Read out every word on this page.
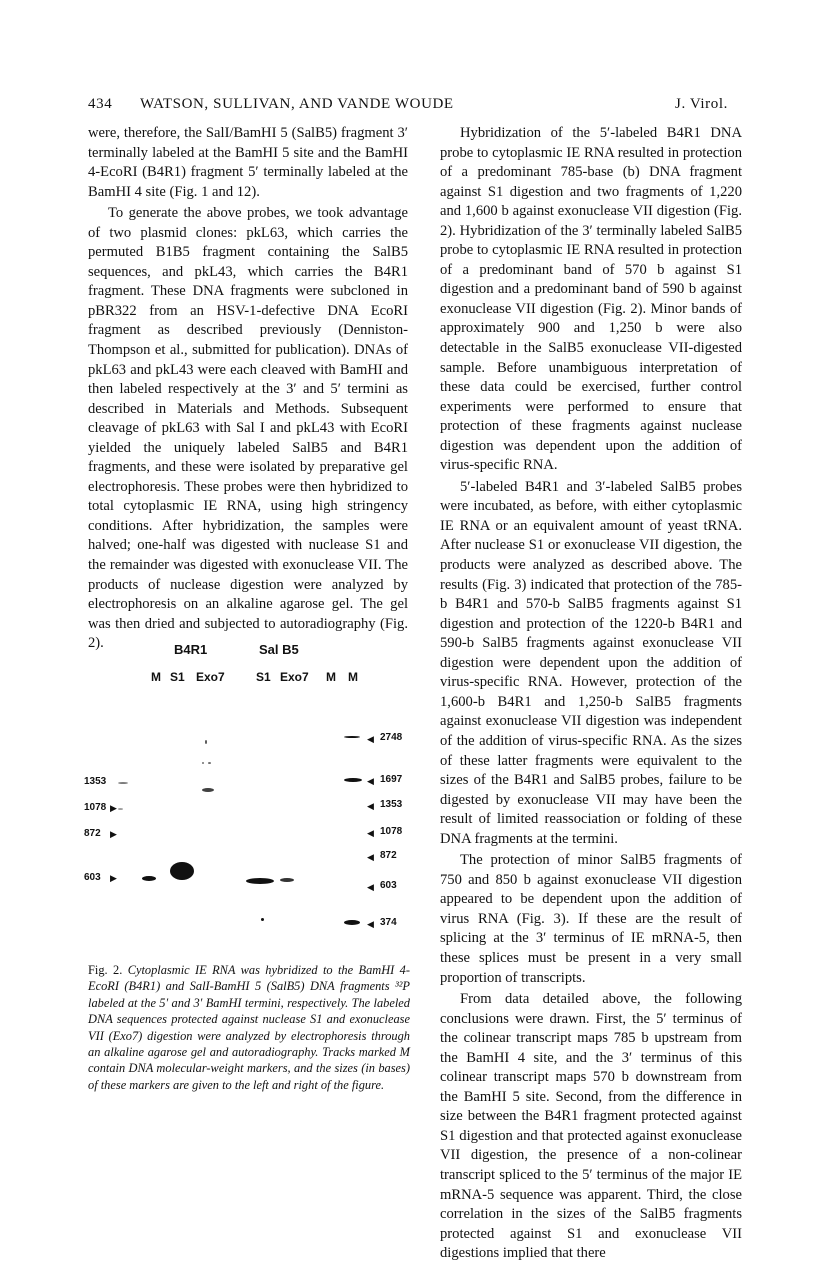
434 WATSON, SULLIVAN, AND VANDE WOUDE	J. Virol.

were, therefore, the SalI/BamHI 5 (SalB5) fragment 3′ terminally labeled at the BamHI 5 site and the BamHI 4-EcoRI (B4R1) fragment 5′ terminally labeled at the BamHI 4 site (Fig. 1 and 12).

To generate the above probes, we took advantage of two plasmid clones: pkL63, which carries the permuted B1B5 fragment containing the SalB5 sequences, and pkL43, which carries the B4R1 fragment. These DNA fragments were subcloned in pBR322 from an HSV-1-defective DNA EcoRI fragment as described previously (Denniston-Thompson et al., submitted for publication). DNAs of pkL63 and pkL43 were each cleaved with BamHI and then labeled respectively at the 3′ and 5′ termini as described in Materials and Methods. Subsequent cleavage of pkL63 with Sal I and pkL43 with EcoRI yielded the uniquely labeled SalB5 and B4R1 fragments, and these were isolated by preparative gel electrophoresis. These probes were then hybridized to total cytoplasmic IE RNA, using high stringency conditions. After hybridization, the samples were halved; one-half was digested with nuclease S1 and the remainder was digested with exonuclease VII. The products of nuclease digestion were analyzed by electrophoresis on an alkaline agarose gel. The gel was then dried and subjected to autoradiography (Fig. 2).	B4R1	Sal B5
M S1 Exo7	S1 Exo7 M M
1353
1078 ▶
872 ▶
603 ▶
◀ 2748
◀ 1697
◀ 1353
◀ 1078
◀ 872
◀ 603
◀ 374
Fig. 2. Cytoplasmic IE RNA was hybridized to the BamHI 4-EcoRI (B4R1) and SalI-BamHI 5 (SalB5) DNA fragments ³²P labeled at the 5′ and 3′ BamHI termini, respectively. The labeled DNA sequences protected against nuclease S1 and exonuclease VII (Exo7) digestion were analyzed by electrophoresis through an alkaline agarose gel and autoradiography. Tracks marked M contain DNA molecular-weight markers, and the sizes (in bases) of these markers are given to the left and right of the figure.

Hybridization of the 5′-labeled B4R1 DNA probe to cytoplasmic IE RNA resulted in protection of a predominant 785-base (b) DNA fragment against S1 digestion and two fragments of 1,220 and 1,600 b against exonuclease VII digestion (Fig. 2). Hybridization of the 3′ terminally labeled SalB5 probe to cytoplasmic IE RNA resulted in protection of a predominant band of 570 b against S1 digestion and a predominant band of 590 b against exonuclease VII digestion (Fig. 2). Minor bands of approximately 900 and 1,250 b were also detectable in the SalB5 exonuclease VII-digested sample. Before unambiguous interpretation of these data could be exercised, further control experiments were performed to ensure that protection of these fragments against nuclease digestion was dependent upon the addition of virus-specific RNA.

5′-labeled B4R1 and 3′-labeled SalB5 probes were incubated, as before, with either cytoplasmic IE RNA or an equivalent amount of yeast tRNA. After nuclease S1 or exonuclease VII digestion, the products were analyzed as described above. The results (Fig. 3) indicated that protection of the 785-b B4R1 and 570-b SalB5 fragments against S1 digestion and protection of the 1220-b B4R1 and 590-b SalB5 fragments against exonuclease VII digestion were dependent upon the addition of virus-specific RNA. However, protection of the 1,600-b B4R1 and 1,250-b SalB5 fragments against exonuclease VII digestion was independent of the addition of virus-specific RNA. As the sizes of these latter fragments were equivalent to the sizes of the B4R1 and SalB5 probes, failure to be digested by exonuclease VII may have been the result of limited reassociation or folding of these DNA fragments at the termini.

The protection of minor SalB5 fragments of 750 and 850 b against exonuclease VII digestion appeared to be dependent upon the addition of virus RNA (Fig. 3). If these are the result of splicing at the 3′ terminus of IE mRNA-5, then these splices must be present in a very small proportion of transcripts.

From data detailed above, the following conclusions were drawn. First, the 5′ terminus of the colinear transcript maps 785 b upstream from the BamHI 4 site, and the 3′ terminus of this colinear transcript maps 570 b downstream from the BamHI 5 site. Second, from the difference in size between the B4R1 fragment protected against S1 digestion and that protected against exonuclease VII digestion, the presence of a non-colinear transcript spliced to the 5′ terminus of the major IE mRNA-5 sequence was apparent. Third, the close correlation in the sizes of the SalB5 fragments protected against S1 and exonuclease VII digestions implied that there
